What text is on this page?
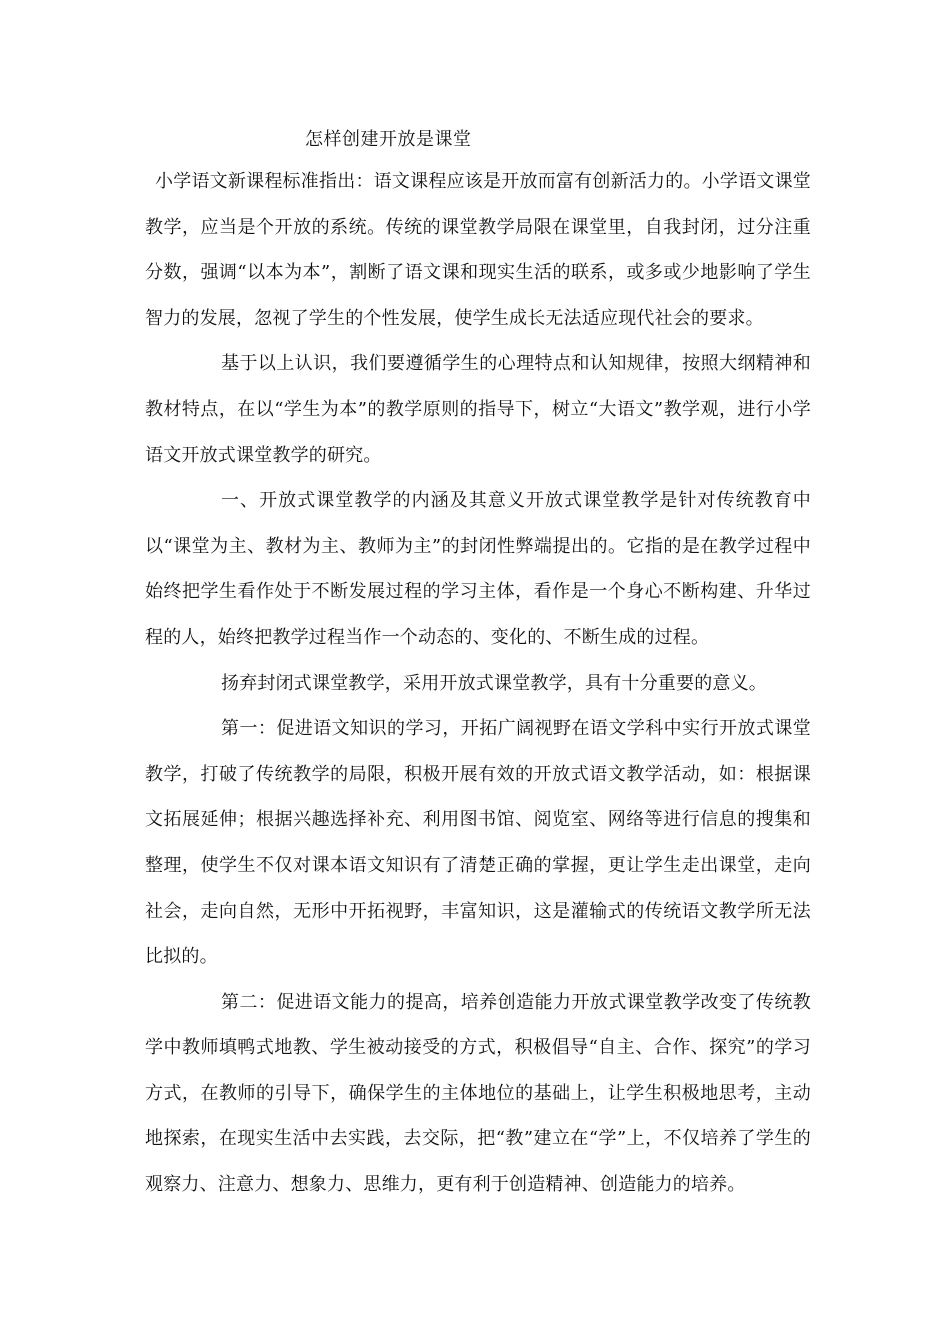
怎样创建开放是课堂

小学语文新课程标准指出：语文课程应该是开放而富有创新活力的。小学语文课堂教学，应当是个开放的系统。传统的课堂教学局限在课堂里，自我封闭，过分注重分数，强调“以本为本”，割断了语文课和现实生活的联系，或多或少地影响了学生智力的发展，忽视了学生的个性发展，使学生成长无法适应现代社会的要求。

基于以上认识，我们要遵循学生的心理特点和认知规律，按照大纲精神和教材特点，在以“学生为本”的教学原则的指导下，树立“大语文”教学观，进行小学语文开放式课堂教学的研究。

一、开放式课堂教学的内涵及其意义开放式课堂教学是针对传统教育中以“课堂为主、教材为主、教师为主”的封闭性弊端提出的。它指的是在教学过程中始终把学生看作处于不断发展过程的学习主体，看作是一个身心不断构建、升华过程的人，始终把教学过程当作一个动态的、变化的、不断生成的过程。

扬弃封闭式课堂教学，采用开放式课堂教学，具有十分重要的意义。

第一：促进语文知识的学习，开拓广阔视野在语文学科中实行开放式课堂教学，打破了传统教学的局限，积极开展有效的开放式语文教学活动，如：根据课文拓展延伸；根据兴趣选择补充、利用图书馆、阅览室、网络等进行信息的搜集和整理，使学生不仅对课本语文知识有了清楚正确的掌握，更让学生走出课堂，走向社会，走向自然，无形中开拓视野，丰富知识，这是灌输式的传统语文教学所无法比拟的。

第二：促进语文能力的提高，培养创造能力开放式课堂教学改变了传统教学中教师填鸭式地教、学生被动接受的方式，积极倡导“自主、合作、探究”的学习方式，在教师的引导下，确保学生的主体地位的基础上，让学生积极地思考，主动地探索，在现实生活中去实践，去交际，把“教”建立在“学”上，不仅培养了学生的观察力、注意力、想象力、思维力，更有利于创造精神、创造能力的培养。
